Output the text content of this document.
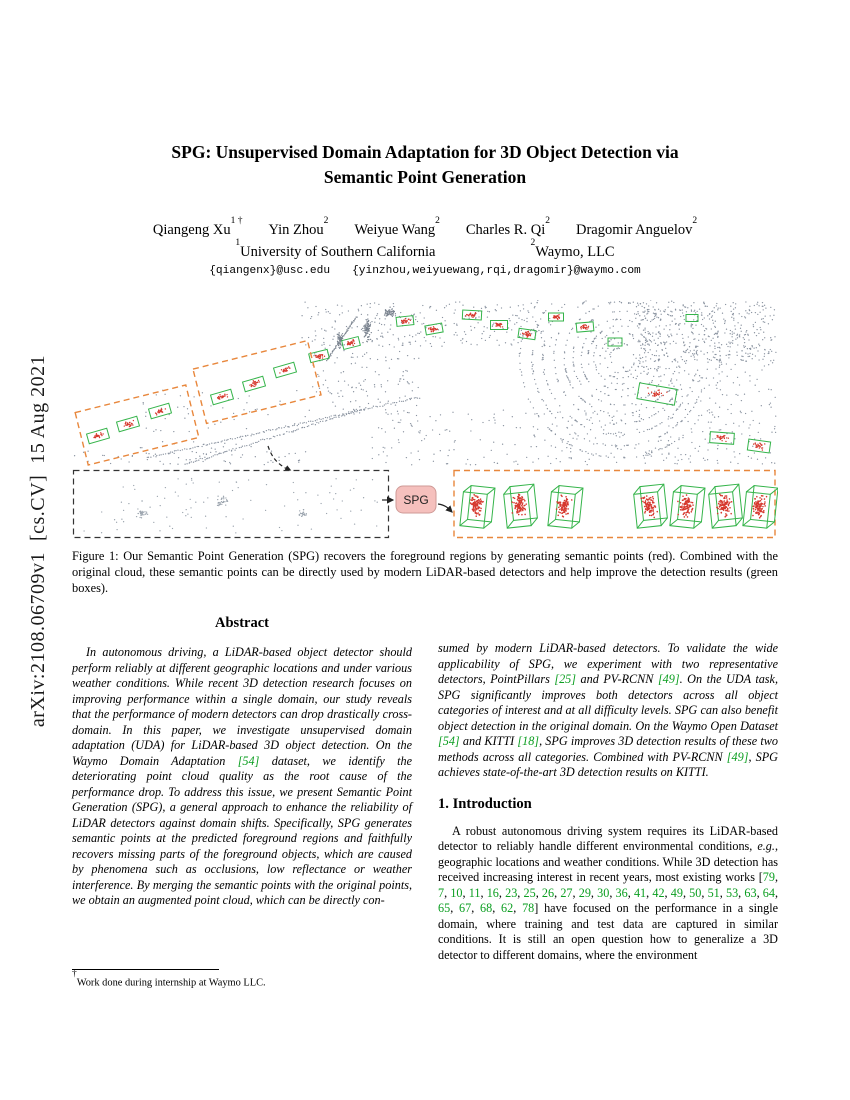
arXiv:2108.06709v1  [cs.CV]  15 Aug 2021
SPG: Unsupervised Domain Adaptation for 3D Object Detection via
Semantic Point Generation
Qiangeng $Xu^{1 \dagger}$
Yin Zhou$^2$
Weiyue Wang$^2$
Charles R. Qi$^2$
Dragomir Anguelov$^2$
$^1$University of Southern California
$^2$Waymo, LLC
{qiangenx}@usc.edu {yinzhou,weiyuewang,rqi,dragomir}@waymo.com
SPG
Figure 1: Our Semantic Point Generation (SPG) recovers the foreground regions by generating semantic points (red). Combined with the original cloud, these semantic points can be directly used by modern LiDAR-based detectors and help improve the detection results (green boxes).
Abstract

In autonomous driving, a LiDAR-based object detector should perform reliably at different geographic locations and under various weather conditions. While recent 3D detection research focuses on improving performance within a single domain, our study reveals that the performance of modern detectors can drop drastically cross-domain. In this paper, we investigate unsupervised domain adaptation (UDA) for LiDAR-based 3D object detection. On the Waymo Domain Adaptation [54] dataset, we identify the deteriorating point cloud quality as the root cause of the performance drop. To address this issue, we present Semantic Point Generation (SPG), a general approach to enhance the reliability of LiDAR detectors against domain shifts. Specifically, SPG generates semantic points at the predicted foreground regions and faithfully recovers missing parts of the foreground objects, which are caused by phenomena such as occlusions, low reflectance or weather interference. By merging the semantic points with the original points, we obtain an augmented point cloud, which can be directly con-

sumed by modern LiDAR-based detectors. To validate the wide applicability of SPG, we experiment with two representative detectors, PointPillars [25] and PV-RCNN [49]. On the UDA task, SPG significantly improves both detectors across all object categories of interest and at all difficulty levels. SPG can also benefit object detection in the original domain. On the Waymo Open Dataset [54] and KITTI [18], SPG improves 3D detection results of these two methods across all categories. Combined with PV-RCNN [49], SPG achieves state-of-the-art 3D detection results on KITTI.

1. Introduction

A robust autonomous driving system requires its LiDAR-based detector to reliably handle different environmental conditions, e.g., geographic locations and weather conditions. While 3D detection has received increasing interest in recent years, most existing works [79, 7, 10, 11, 16, 23, 25, 26, 27, 29, 30, 36, 41, 42, 49, 50, 51, 53, 63, 64, 65, 67, 68, 62, 78] have focused on the performance in a single domain, where training and test data are captured in similar conditions. It is still an open question how to generalize a 3D detector to different domains, where the environment

†Work done during internship at Waymo LLC.
